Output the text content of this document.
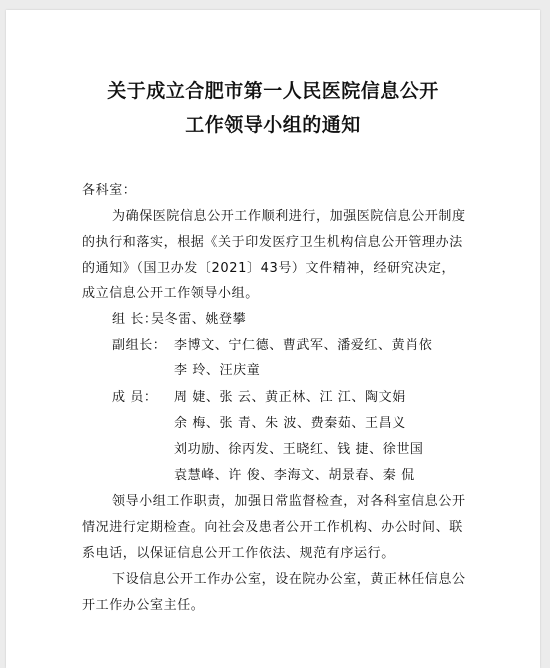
关于成立合肥市第一人民医院信息公开
工作领导小组的通知
各科室：
为确保医院信息公开工作顺利进行，加强医院信息公开制度
的执行和落实，根据《关于印发医疗卫生机构信息公开管理办法
的通知》（国卫办发〔2021〕43号）文件精神，经研究决定，
成立信息公开工作领导小组。
组 长：
吴冬雷、姚登攀
副组长： 李博文、宁仁德、曹武军、潘爱红、黄肖依
李 玲、汪庆童
成 员： 周 婕、张 云、黄正林、江 江、陶文娟
余 梅、张 青、朱 波、费秦茹、王昌义
刘功励、徐丙发、王晓红、钱 捷、徐世国
袁慧峰、许 俊、李海文、胡景春、秦 侃
领导小组工作职责，加强日常监督检查，对各科室信息公开
情况进行定期检查。向社会及患者公开工作机构、办公时间、联
系电话，以保证信息公开工作依法、规范有序运行。
下设信息公开工作办公室，设在院办公室，黄正林任信息公
开工作办公室主任。
